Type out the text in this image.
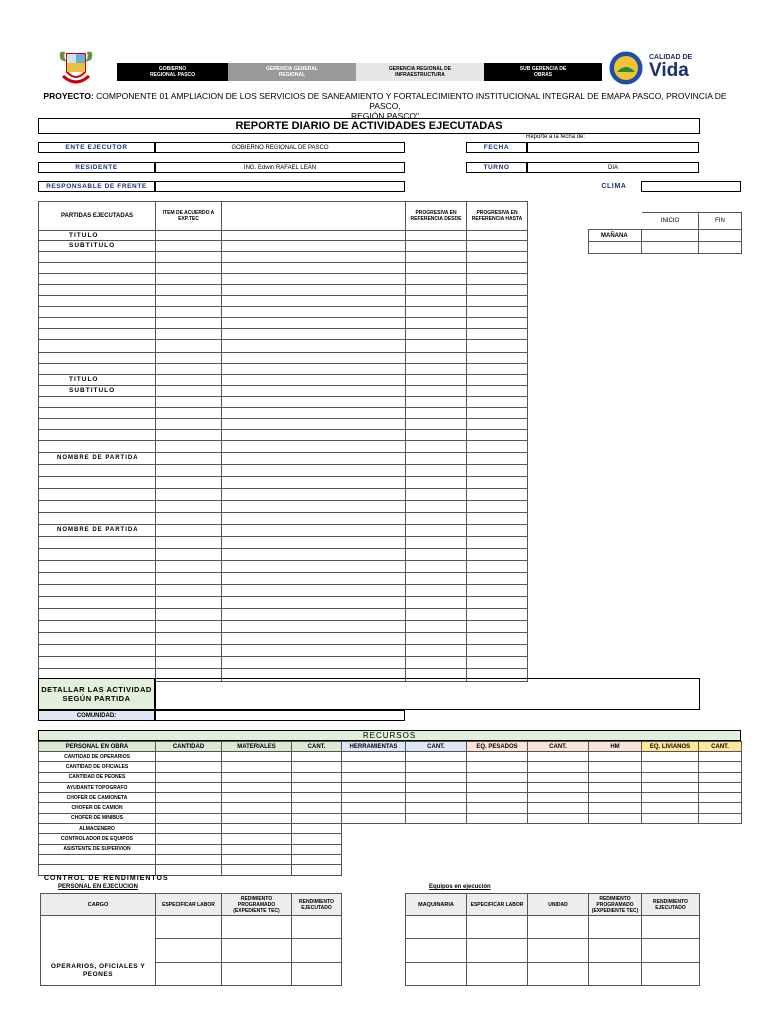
GOBIERNO
REGIONAL PASCO
GERENCIA GENERAL
REGIONAL
GERENCIA REGIONAL DE
INFRAESTRUCTURA
SUB GERENCIA DE
OBRAS
CALIDAD DE
Vida
PROYECTO: COMPONENTE 01 AMPLIACION DE LOS SERVICIOS DE SANEAMIENTO Y FORTALECIMIENTO INSTITUCIONAL INTEGRAL DE EMAPA PASCO, PROVINCIA DE PASCO,
REGIÓN PASCO"
REPORTE DIARIO DE ACTIVIDADES EJECUTADAS
Reporte a la fecha de:
ENTE EJECUTOR	GOBIERNO REGIONAL DE PASCO	FECHA
RESIDENTE	ING. Edwin RAFAEL LEÁN	TURNO	DIA
RESPONSABLE DE FRENTE	CLIMA
PARTIDAS EJECUTADAS	ITEM DE ACUERDO A EXP.TEC		PROGRESIVA EN REFERENCIA DESDE	PROGRESIVA EN REFERENCIA HASTA
TITULO				
SUBTITULO				

TITULO				
SUBTITULO				

NOMBRE DE PARTIDA				

NOMBRE DE PARTIDA				

	INICIO	FIN
MAÑANA		

DETALLAR LAS ACTIVIDAD
SEGÚN PARTIDA
COMUNIDAD:
RECURSOS
PERSONAL EN OBRA	CANTIDAD	MATERIALES	CANT.	HERRAMIENTAS	CANT.	EQ. PESADOS	CANT.	HM	EQ. LIVIANOS	CANT.
CANTIDAD DE OPERARIOS										
CANTIDAD DE OFICIALES										
CANTIDAD DE PEONES										
AYUDANTE TOPOGRAFO										
CHOFER DE CAMIONETA										
CHOFER DE CAMION										
CHOFER DE MINIBUS										
ALMACENERO										
CONTROLADOR DE EQUIPOS										
ASISTENTE DE SUPERVION										

CONTROL DE RENDIMIENTOS
PERSONAL EN EJECUCION	Equipos en ejecución
CARGO	ESPECIFICAR LABOR	REDIMIENTO PROGRAMADO (EXPEDIENTE TEC)	RENDIMIENTO EJECUTADO
OPERARIOS, OFICIALES Y PEONES			

MAQUINARIA	ESPECIFICAR LABOR	UNIDAD	REDIMIENTO PROGRAMADO (EXPEDIENTE TEC)	RENDIMIENTO EJECUTADO
